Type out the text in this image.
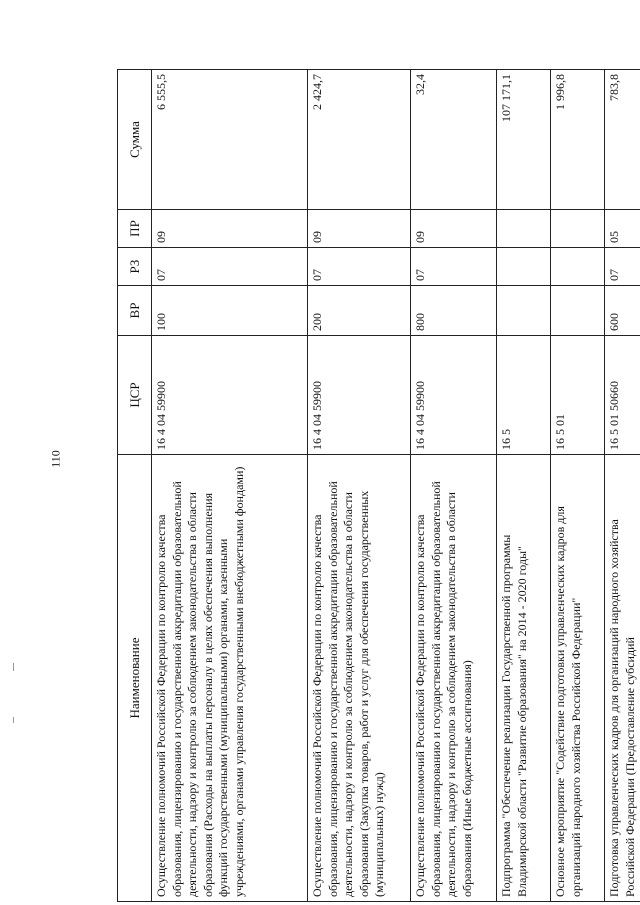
110
Наименование	ЦСР	ВР	РЗ	ПР	Сумма
Осуществление полномочий Российской Федерации по контролю качества образования, лицензированию и государственной аккредитации образовательной деятельности, надзору и контролю за соблюдением законодательства в области образования (Расходы на выплаты персоналу в целях обеспечения выполнения функций государственными (муниципальными) органами, казенными учреждениями, органами управления государственными внебюджетными фондами)	16 4 04 59900	100	07	09	6 555,5
Осуществление полномочий Российской Федерации по контролю качества образования, лицензированию и государственной аккредитации образовательной деятельности, надзору и контролю за соблюдением законодательства в области образования (Закупка товаров, работ и услуг для обеспечения государственных (муниципальных) нужд)	16 4 04 59900	200	07	09	2 424,7
Осуществление полномочий Российской Федерации по контролю качества образования, лицензированию и государственной аккредитации образовательной деятельности, надзору и контролю за соблюдением законодательства в области образования (Иные бюджетные ассигнования)	16 4 04 59900	800	07	09	32,4
Подпрограмма "Обеспечение реализации Государственной программы Владимирской области "Развитие образования" на 2014 - 2020 годы"	16 5				107 171,1
Основное мероприятие "Содействие подготовки управленческих кадров для организаций народного хозяйства Российской Федерации"	16 5 01				1 996,8
Подготовка управленческих кадров для организаций народного хозяйства Российской Федерации (Предоставление субсидий	16 5 01 50660	600	07	05	783,8
